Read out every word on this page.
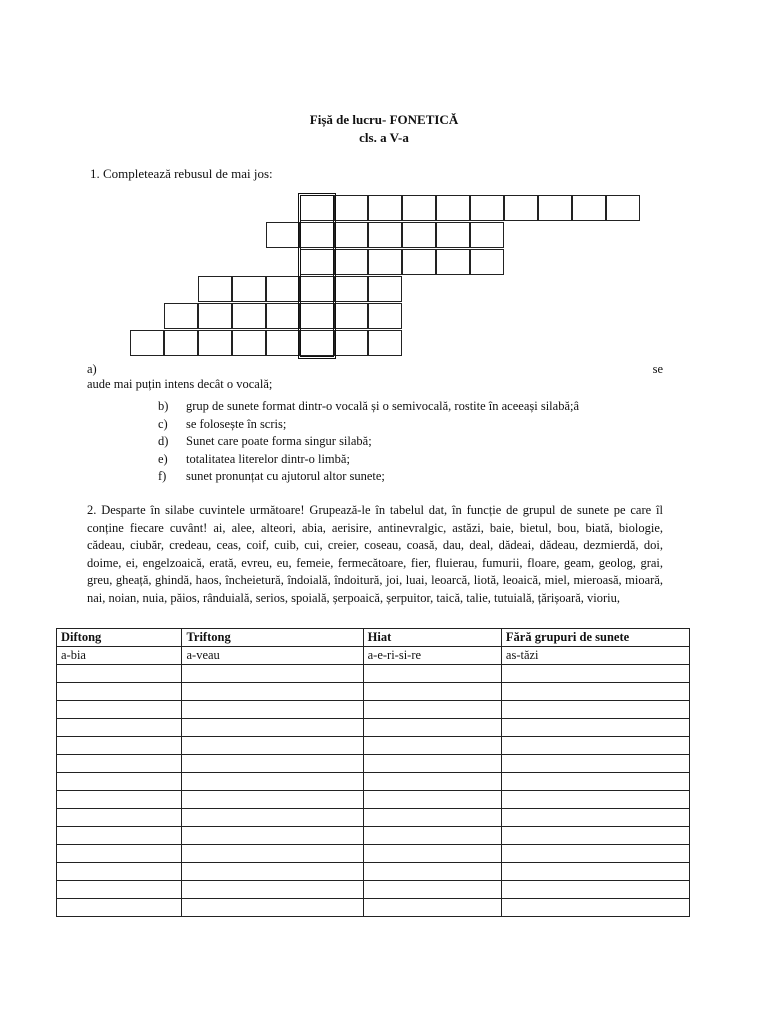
Fișă de lucru- FONETICĂ
cls. a V-a
1. Completează rebusul de mai jos:
a)	se
aude mai puțin intens decât o vocală;
b)	grup de sunete format dintr-o vocală și o semivocală, rostite în aceeași silabă;â
c)	se folosește în scris;
d)	Sunet care poate forma singur silabă;
e)	totalitatea literelor dintr-o limbă;
f)	sunet pronunțat cu ajutorul altor sunete;
2. Desparte în silabe cuvintele următoare! Grupează-le în tabelul dat, în funcție de grupul de sunete pe care îl conține fiecare cuvânt! ai, alee, alteori, abia, aerisire, antinevralgic, astăzi, baie, bietul, bou, biată, biologie, cădeau, ciubăr, credeau, ceas, coif, cuib, cui, creier, coseau, coasă, dau, deal, dădeai, dădeau, dezmierdă, doi, doime, ei, engelzoaică, erată, evreu, eu, femeie, fermecătoare, fier, fluierau, fumurii, floare, geam, geolog, grai, greu, gheață, ghindă, haos, încheietură, îndoială, îndoitură, joi, luai, leoarcă, liotă, leoaică, miel, mieroasă, mioară, nai, noian, nuia, păios, rânduială, serios, spoială, șerpoaică, șerpuitor, taică, talie, tutuială, țărișoară, vioriu,
Diftong	Triftong	Hiat	Fără grupuri de sunete
a-bia	a-veau	a-e-ri-si-re	as-tăzi
